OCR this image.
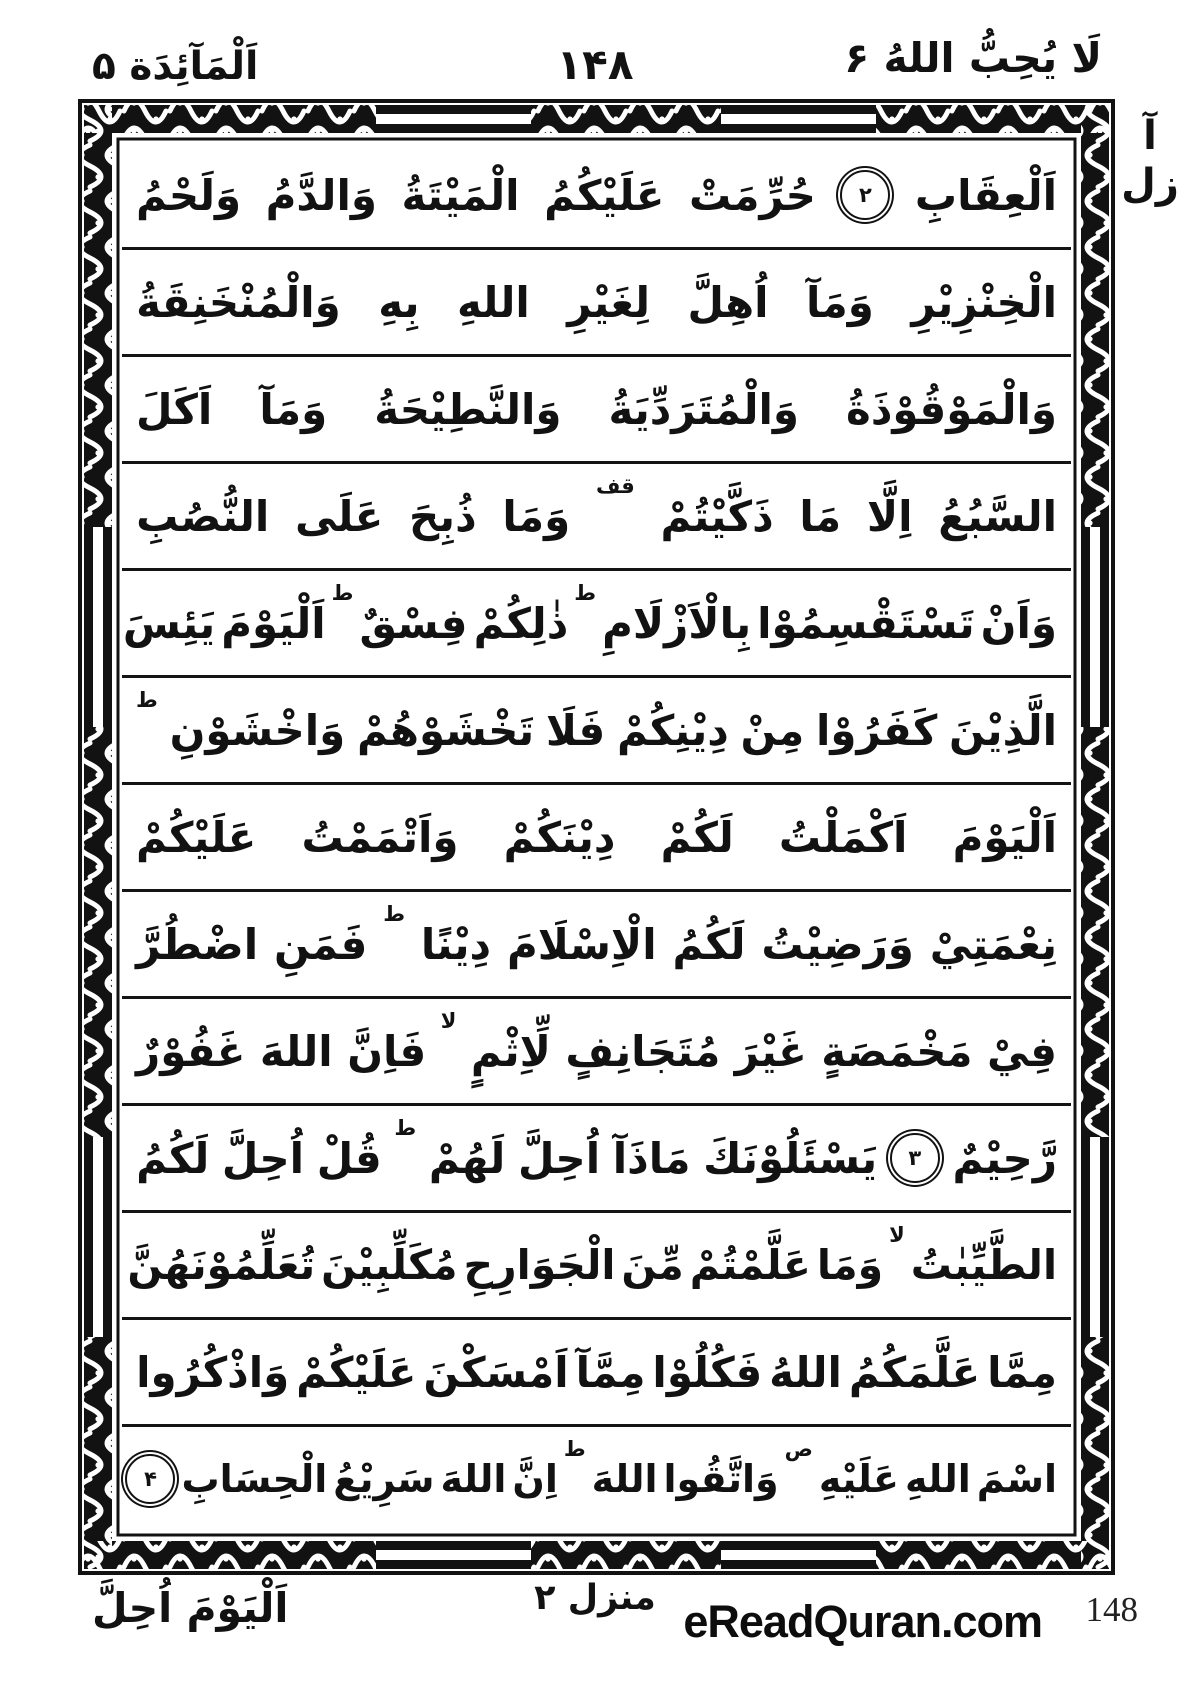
لَا يُحِبُّ اللهُ ۶
۱۴۸
اَلْمَآئِدَة ۵
آ
زل
اَلْعِقَابِ
۲
حُرِّمَتْ
عَلَيْكُمُ
الْمَيْتَةُ
وَالدَّمُ
وَلَحْمُ
الْخِنْزِيْرِ
وَمَآ
اُهِلَّ
لِغَيْرِ
اللهِ
بِهِ
وَالْمُنْخَنِقَةُ
وَالْمَوْقُوْذَةُ
وَالْمُتَرَدِّيَةُ
وَالنَّطِيْحَةُ
وَمَآ
اَكَلَ
السَّبُعُ
اِلَّا
مَا
ذَكَّيْتُمْ
قف
وَمَا
ذُبِحَ
عَلَى
النُّصُبِ
وَاَنْ
تَسْتَقْسِمُوْا
بِالْاَزْلَامِ
ط
ذٰلِكُمْ
فِسْقٌ
ط
اَلْيَوْمَ
يَئِسَ
الَّذِيْنَ
كَفَرُوْا
مِنْ
دِيْنِكُمْ
فَلَا
تَخْشَوْهُمْ
وَاخْشَوْنِ
ط
اَلْيَوْمَ
اَكْمَلْتُ
لَكُمْ
دِيْنَكُمْ
وَاَتْمَمْتُ
عَلَيْكُمْ
نِعْمَتِيْ
وَرَضِيْتُ
لَكُمُ
الْاِسْلَامَ
دِيْنًا
ط
فَمَنِ
اضْطُرَّ
فِيْ
مَخْمَصَةٍ
غَيْرَ
مُتَجَانِفٍ
لِّاِثْمٍ
لا
فَاِنَّ
اللهَ
غَفُوْرٌ
رَّحِيْمٌ
۳
يَسْئَلُوْنَكَ
مَاذَآ
اُحِلَّ
لَهُمْ
ط
قُلْ
اُحِلَّ
لَكُمُ
الطَّيِّبٰتُ
لا
وَمَا
عَلَّمْتُمْ
مِّنَ
الْجَوَارِحِ
مُكَلِّبِيْنَ
تُعَلِّمُوْنَهُنَّ
مِمَّا
عَلَّمَكُمُ
اللهُ
فَكُلُوْا
مِمَّآ
اَمْسَكْنَ
عَلَيْكُمْ
وَاذْكُرُوا
اسْمَ
اللهِ
عَلَيْهِ
ص
وَاتَّقُوا
اللهَ
ط
اِنَّ
اللهَ
سَرِيْعُ
الْحِسَابِ
۴
اَلْيَوْمَ اُحِلَّ	منزل ۲ eReadQuran.com 148
